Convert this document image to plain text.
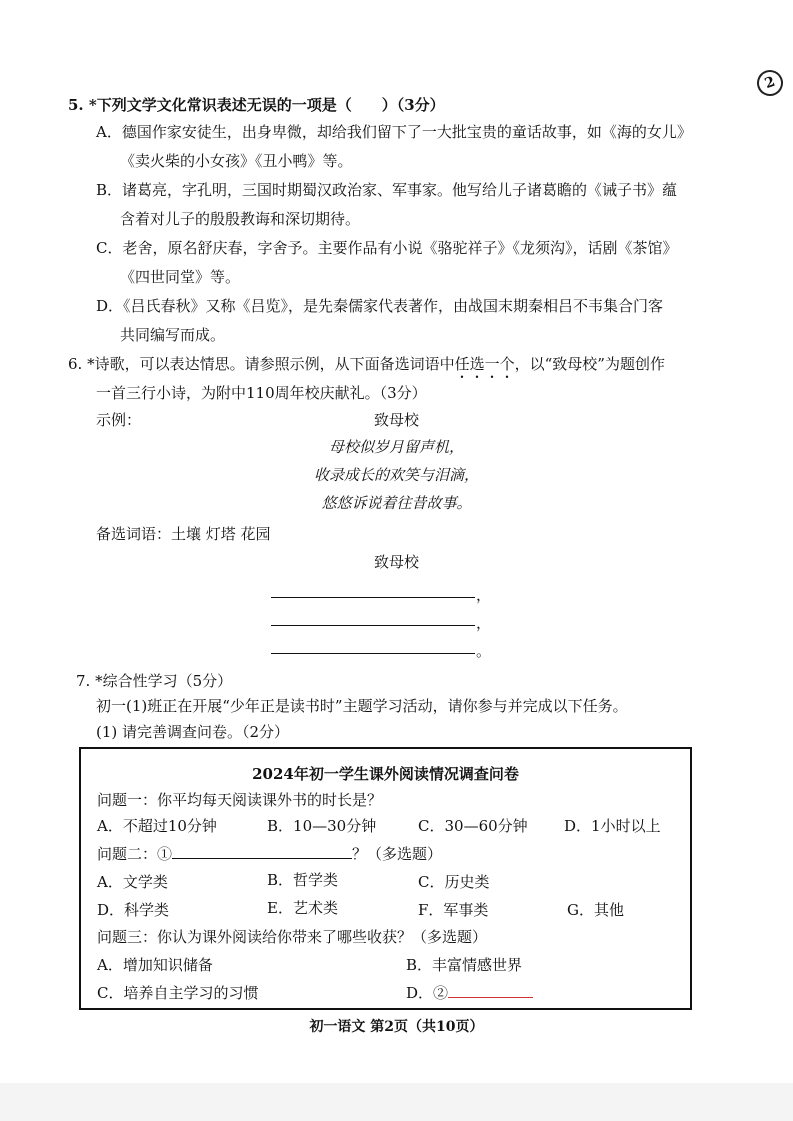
2
5. *下列文学文化常识表述无误的一项是（　　）（3分）
A．德国作家安徒生，出身卑微，却给我们留下了一大批宝贵的童话故事，如《海的女儿》
《卖火柴的小女孩》《丑小鸭》等。
B．诸葛亮，字孔明，三国时期蜀汉政治家、军事家。他写给儿子诸葛瞻的《诫子书》蕴
含着对儿子的殷殷教诲和深切期待。
C．老舍，原名舒庆春，字舍予。主要作品有小说《骆驼祥子》《龙须沟》，话剧《茶馆》
《四世同堂》等。
D．《吕氏春秋》又称《吕览》，是先秦儒家代表著作，由战国末期秦相吕不韦集合门客
共同编写而成。
6. *诗歌，可以表达情思。请参照示例，从下面备选词语中任选一个，以“致母校”为题创作
一首三行小诗，为附中110周年校庆献礼。（3分）
示例：	致母校
母校似岁月留声机，
收录成长的欢笑与泪滴，
悠悠诉说着往昔故事。
备选词语：土壤 灯塔 花园
致母校
，
，
。
7. *综合性学习（5分）
初一(1)班正在开展“少年正是读书时”主题学习活动，请你参与并完成以下任务。
(1) 请完善调查问卷。（2分）
2024年初一学生课外阅读情况调查问卷
问题一：你平均每天阅读课外书的时长是？
A．不超过10分钟	B．10—30分钟	C．30—60分钟 D．1小时以上
问题二：①	？（多选题）
A．文学类	B．哲学类	C．历史类
D．科学类	E．艺术类	F．军事类	G．其他
问题三：你认为课外阅读给你带来了哪些收获？（多选题）
A．增加知识储备	B．丰富情感世界
C．培养自主学习的习惯	D．②
初一语文 第2页（共10页）
